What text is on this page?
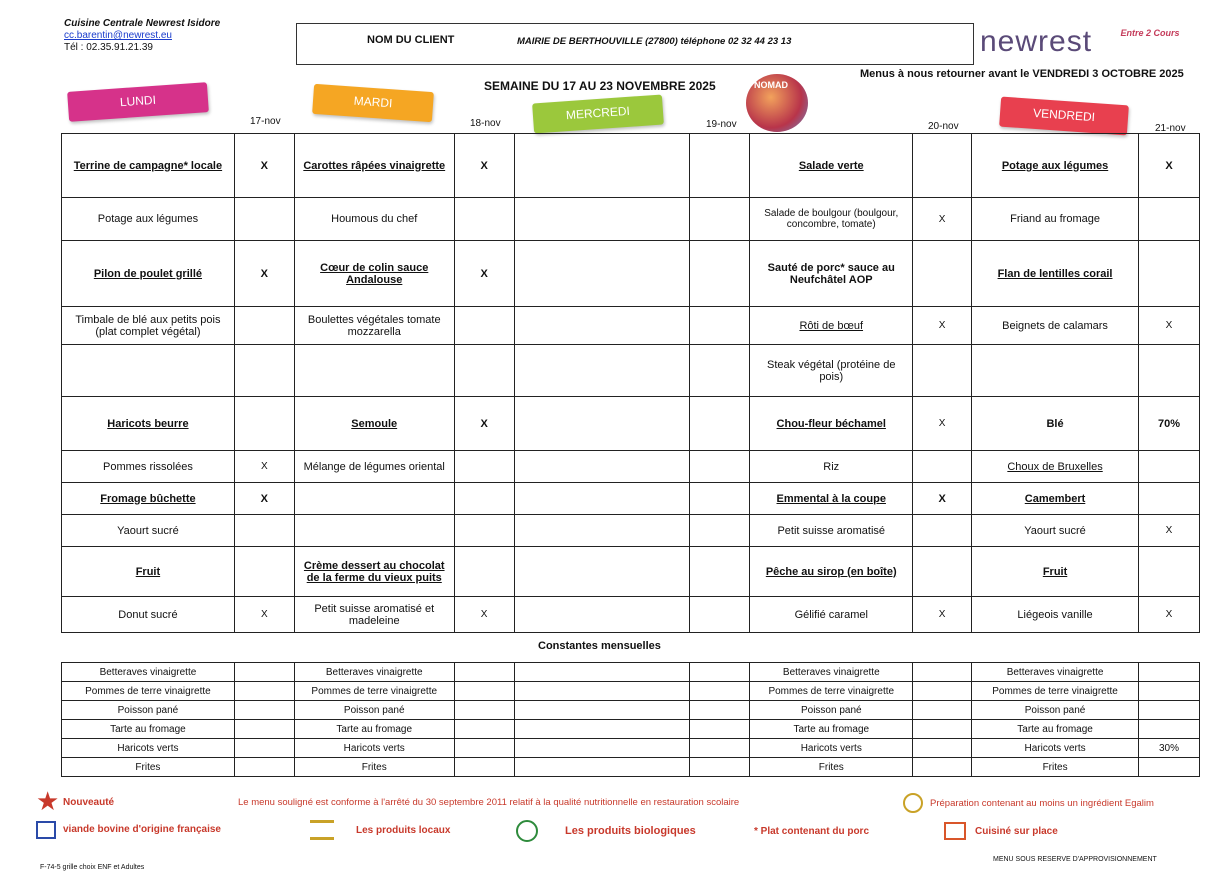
Cuisine Centrale Newrest Isidore
cc.barentin@newrest.eu
Tél : 02.35.91.21.39
NOM DU CLIENT	MAIRIE DE BERTHOUVILLE (27800) téléphone 02 32 44 23 13	newrest	Entre 2 Cours
Menus à nous retourner avant le VENDREDI 3 OCTOBRE 2025
SEMAINE DU 17 AU 23 NOVEMBRE 2025	NOMAD
LUNDI
17-nov
MARDI
18-nov
MERCREDI
19-nov	20-nov
VENDREDI
21-nov
Terrine de campagne* locale	X	Carottes râpées vinaigrette	X			Salade verte		Potage aux légumes	X
Potage aux légumes		Houmous du chef				Salade de boulgour (boulgour, concombre, tomate)	X	Friand au fromage	
Pilon de poulet grillé	X	Cœur de colin sauce Andalouse	X			Sauté de porc* sauce au Neufchâtel AOP		Flan de lentilles corail	
Timbale de blé aux petits pois (plat complet végétal)		Boulettes végétales tomate mozzarella				Rôti de bœuf	X	Beignets de calamars	X
						Steak végétal (protéine de pois)			
Haricots beurre		Semoule	X			Chou-fleur béchamel	X	Blé	70%
Pommes rissolées	X	Mélange de légumes oriental				Riz		Choux de Bruxelles	
Fromage bûchette	X					Emmental à la coupe	X	Camembert	
Yaourt sucré						Petit suisse aromatisé		Yaourt sucré	X
Fruit		Crème dessert au chocolat de la ferme du vieux puits				Pêche au sirop (en boîte)		Fruit	
Donut sucré	X	Petit suisse aromatisé et madeleine	X			Gélifié caramel	X	Liégeois vanille	X
Constantes mensuelles
Betteraves vinaigrette		Betteraves vinaigrette				Betteraves vinaigrette		Betteraves vinaigrette	
Pommes de terre vinaigrette		Pommes de terre vinaigrette				Pommes de terre vinaigrette		Pommes de terre vinaigrette	
Poisson pané		Poisson pané				Poisson pané		Poisson pané	
Tarte au fromage		Tarte au fromage				Tarte au fromage		Tarte au fromage	
Haricots verts		Haricots verts				Haricots verts		Haricots verts	30%
Frites		Frites				Frites		Frites	
★ Nouveauté	Le menu souligné est conforme à l'arrêté du 30 septembre 2011 relatif à la qualité nutritionnelle en restauration scolaire	Préparation contenant au moins un ingrédient Egalim
viande bovine d'origine française	Les produits locaux	Les produits biologiques	* Plat contenant du porc	Cuisiné sur place
F-74-5 grille choix ENF et Adultes
MENU SOUS RESERVE D'APPROVISIONNEMENT
